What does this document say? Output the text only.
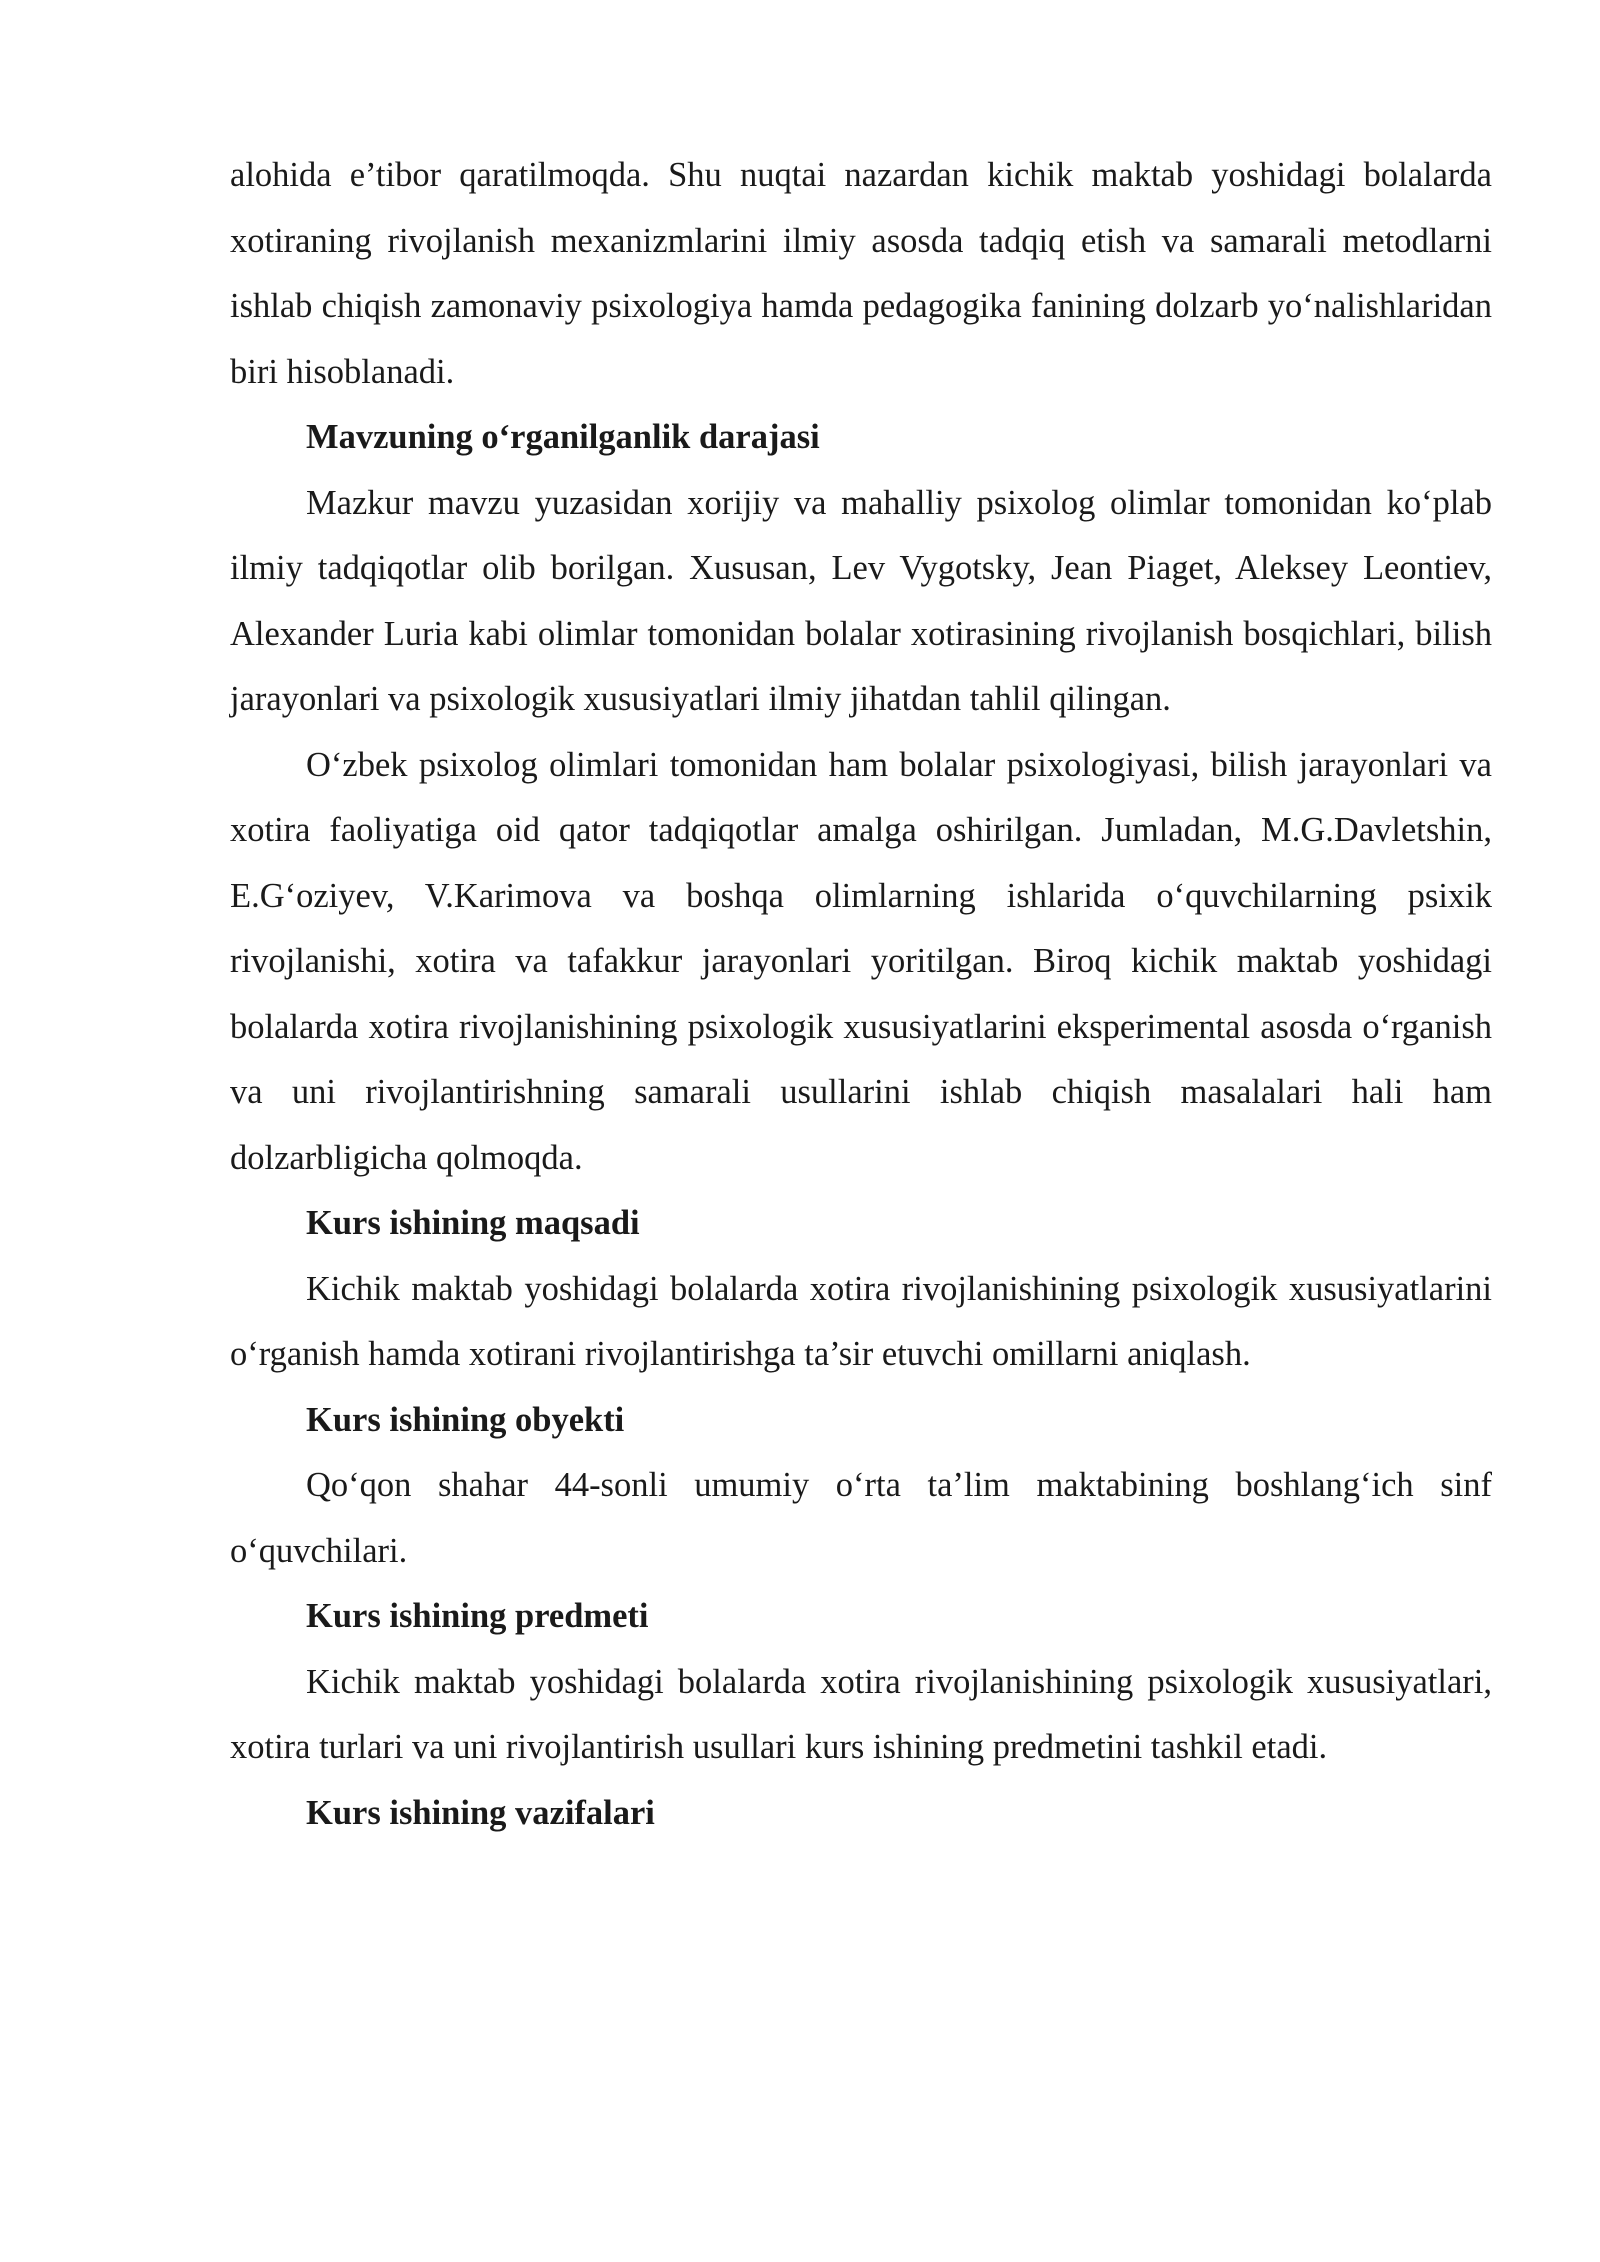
alohida e’tibor qaratilmoqda. Shu nuqtai nazardan kichik maktab yoshidagi bolalarda xotiraning rivojlanish mexanizmlarini ilmiy asosda tadqiq etish va samarali metodlarni ishlab chiqish zamonaviy psixologiya hamda pedagogika fanining dolzarb yo‘nalishlaridan biri hisoblanadi.

Mavzuning o‘rganilganlik darajasi

Mazkur mavzu yuzasidan xorijiy va mahalliy psixolog olimlar tomonidan ko‘plab ilmiy tadqiqotlar olib borilgan. Xususan, Lev Vygotsky, Jean Piaget, Aleksey Leontiev, Alexander Luria kabi olimlar tomonidan bolalar xotirasining rivojlanish bosqichlari, bilish jarayonlari va psixologik xususiyatlari ilmiy jihatdan tahlil qilingan.

O‘zbek psixolog olimlari tomonidan ham bolalar psixologiyasi, bilish jarayonlari va xotira faoliyatiga oid qator tadqiqotlar amalga oshirilgan. Jumladan, M.G.Davletshin, E.G‘oziyev, V.Karimova va boshqa olimlarning ishlarida o‘quvchilarning psixik rivojlanishi, xotira va tafakkur jarayonlari yoritilgan. Biroq kichik maktab yoshidagi bolalarda xotira rivojlanishining psixologik xususiyatlarini eksperimental asosda o‘rganish va uni rivojlantirishning samarali usullarini ishlab chiqish masalalari hali ham dolzarbligicha qolmoqda.

Kurs ishining maqsadi

Kichik maktab yoshidagi bolalarda xotira rivojlanishining psixologik xususiyatlarini o‘rganish hamda xotirani rivojlantirishga ta’sir etuvchi omillarni aniqlash.

Kurs ishining obyekti

Qo‘qon shahar 44-sonli umumiy o‘rta ta’lim maktabining boshlang‘ich sinf o‘quvchilari.

Kurs ishining predmeti

Kichik maktab yoshidagi bolalarda xotira rivojlanishining psixologik xususiyatlari, xotira turlari va uni rivojlantirish usullari kurs ishining predmetini tashkil etadi.

Kurs ishining vazifalari
